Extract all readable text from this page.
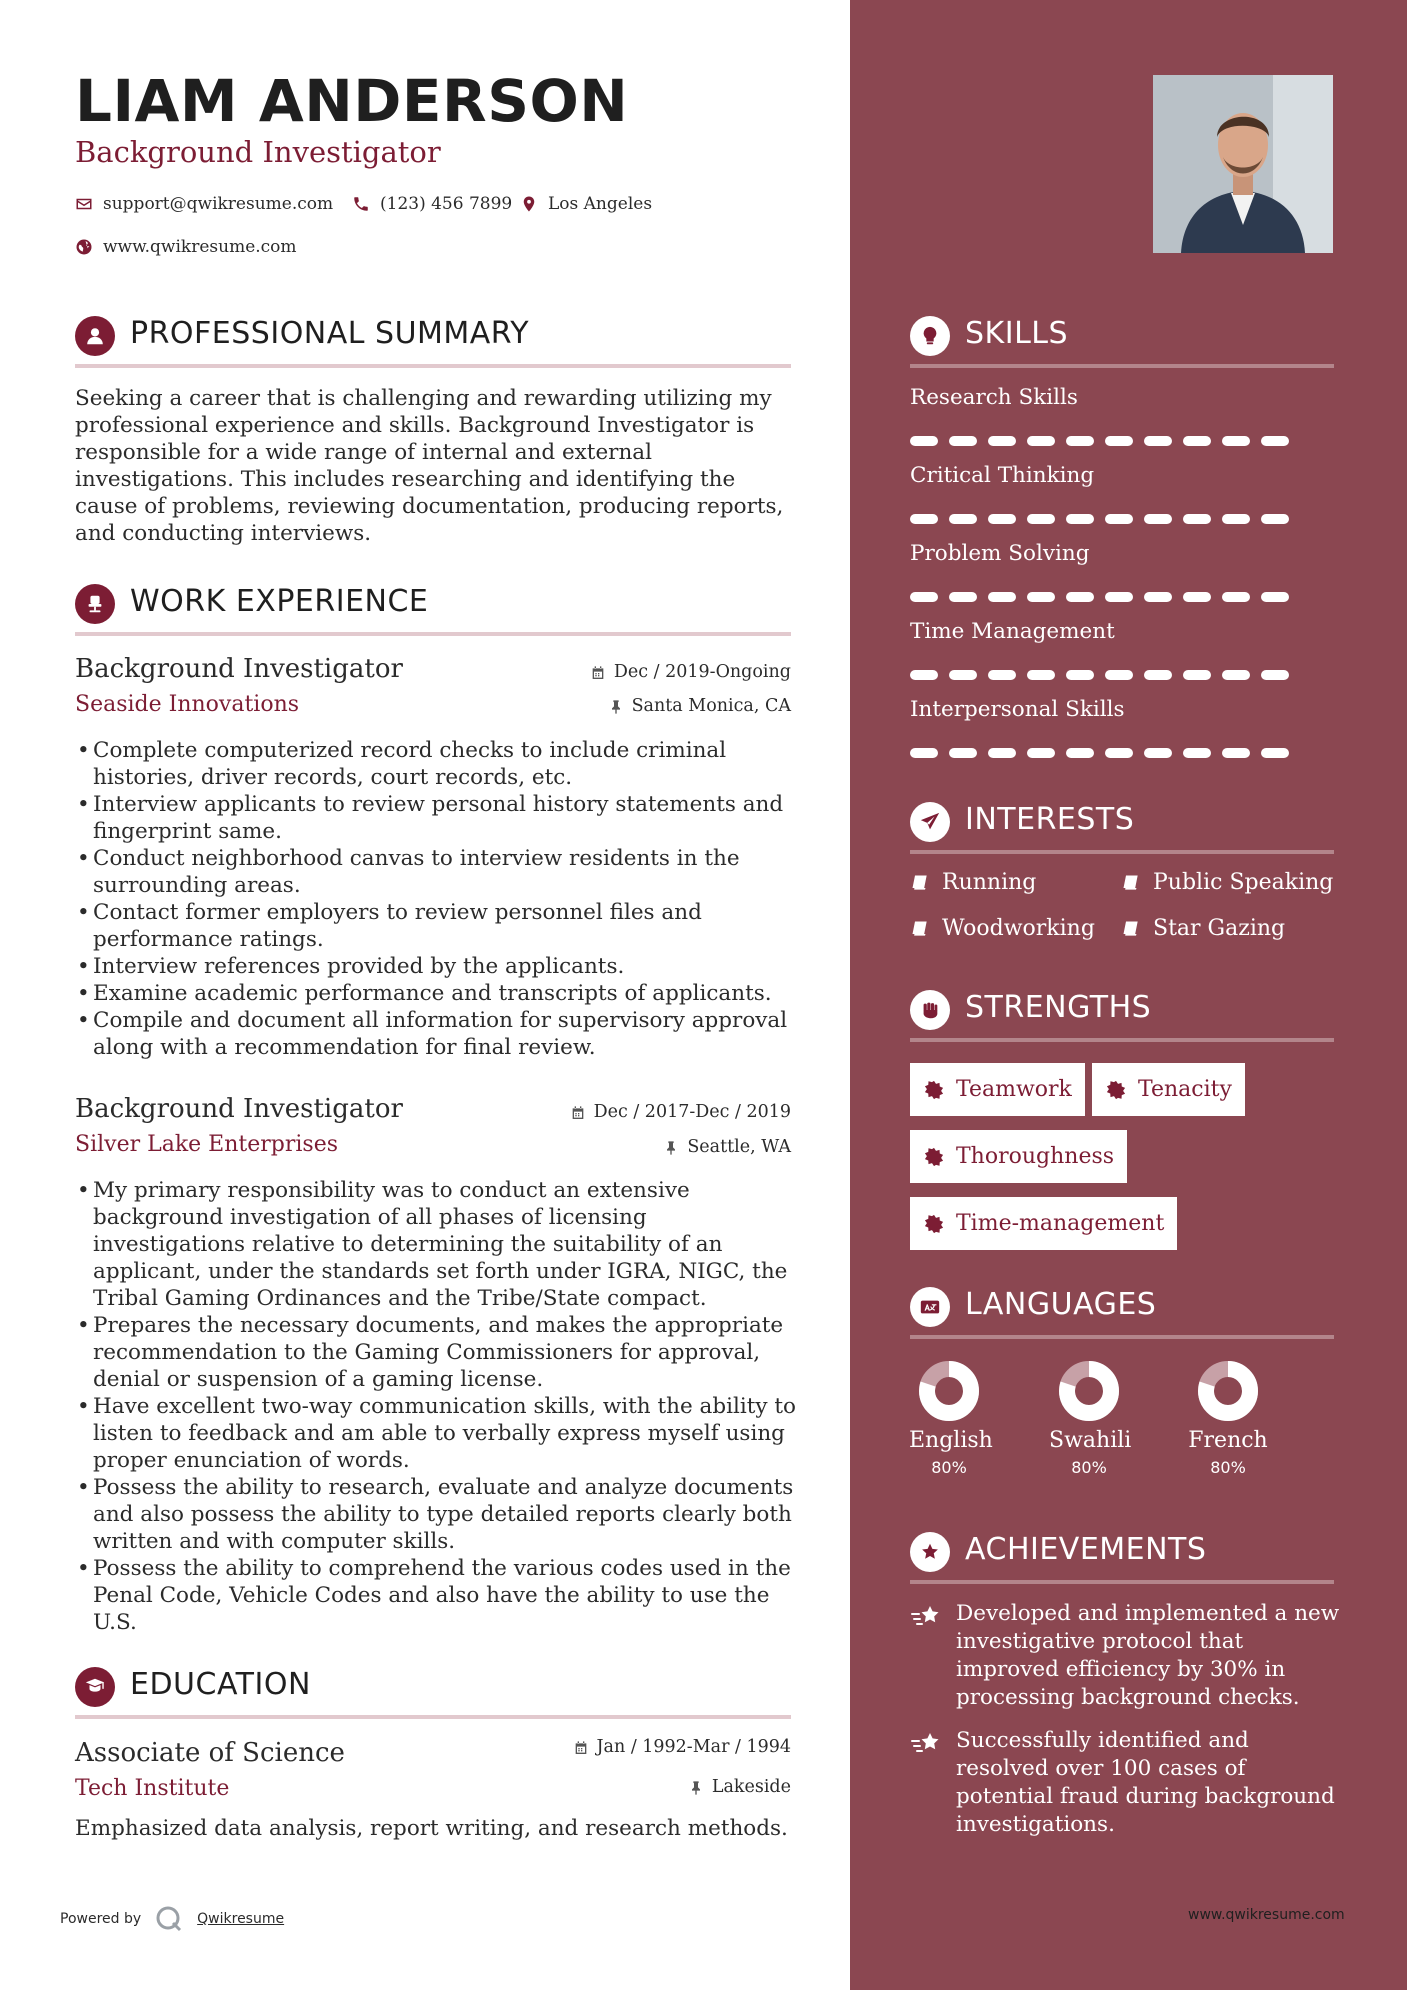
LIAM ANDERSON
Background Investigator
support@qwikresume.com	(123) 456 7899 Los Angeles
www.qwikresume.com
PROFESSIONAL SUMMARY
Seeking a career that is challenging and rewarding utilizing my professional experience and skills. Background Investigator is responsible for a wide range of internal and external investigations. This includes researching and identifying the cause of problems, reviewing documentation, producing reports, and conducting interviews.
WORK EXPERIENCE
Background Investigator	Dec / 2019-Ongoing
Seaside Innovations	Santa Monica, CA
• Complete computerized record checks to include criminal histories, driver records, court records, etc.
• Interview applicants to review personal history statements and fingerprint same.
• Conduct neighborhood canvas to interview residents in the surrounding areas.
• Contact former employers to review personnel files and performance ratings.
• Interview references provided by the applicants.
• Examine academic performance and transcripts of applicants.
• Compile and document all information for supervisory approval along with a recommendation for final review.
Background Investigator	Dec / 2017-Dec / 2019
Silver Lake Enterprises	Seattle, WA
• My primary responsibility was to conduct an extensive background investigation of all phases of licensing investigations relative to determining the suitability of an applicant, under the standards set forth under IGRA, NIGC, the Tribal Gaming Ordinances and the Tribe/State compact.
• Prepares the necessary documents, and makes the appropriate recommendation to the Gaming Commissioners for approval, denial or suspension of a gaming license.
• Have excellent two-way communication skills, with the ability to listen to feedback and am able to verbally express myself using proper enunciation of words.
• Possess the ability to research, evaluate and analyze documents and also possess the ability to type detailed reports clearly both written and with computer skills.
• Possess the ability to comprehend the various codes used in the Penal Code, Vehicle Codes and also have the ability to use the U.S.
EDUCATION
Associate of Science	Jan / 1992-Mar / 1994
Tech Institute	Lakeside
Emphasized data analysis, report writing, and research methods.
SKILLS
Research Skills
Critical Thinking
Problem Solving
Time Management
Interpersonal Skills
INTERESTS
Running	Public Speaking
Woodworking	Star Gazing
STRENGTHS
Teamwork	Tenacity
Thoroughness
Time-management
LANGUAGES
English
80%
Swahili
80%
French
80%
ACHIEVEMENTS
Developed and implemented a new investigative protocol that improved efficiency by 30% in processing background checks.
Successfully identified and resolved over 100 cases of potential fraud during background investigations.
Powered by	Qwikresume	www.qwikresume.com
